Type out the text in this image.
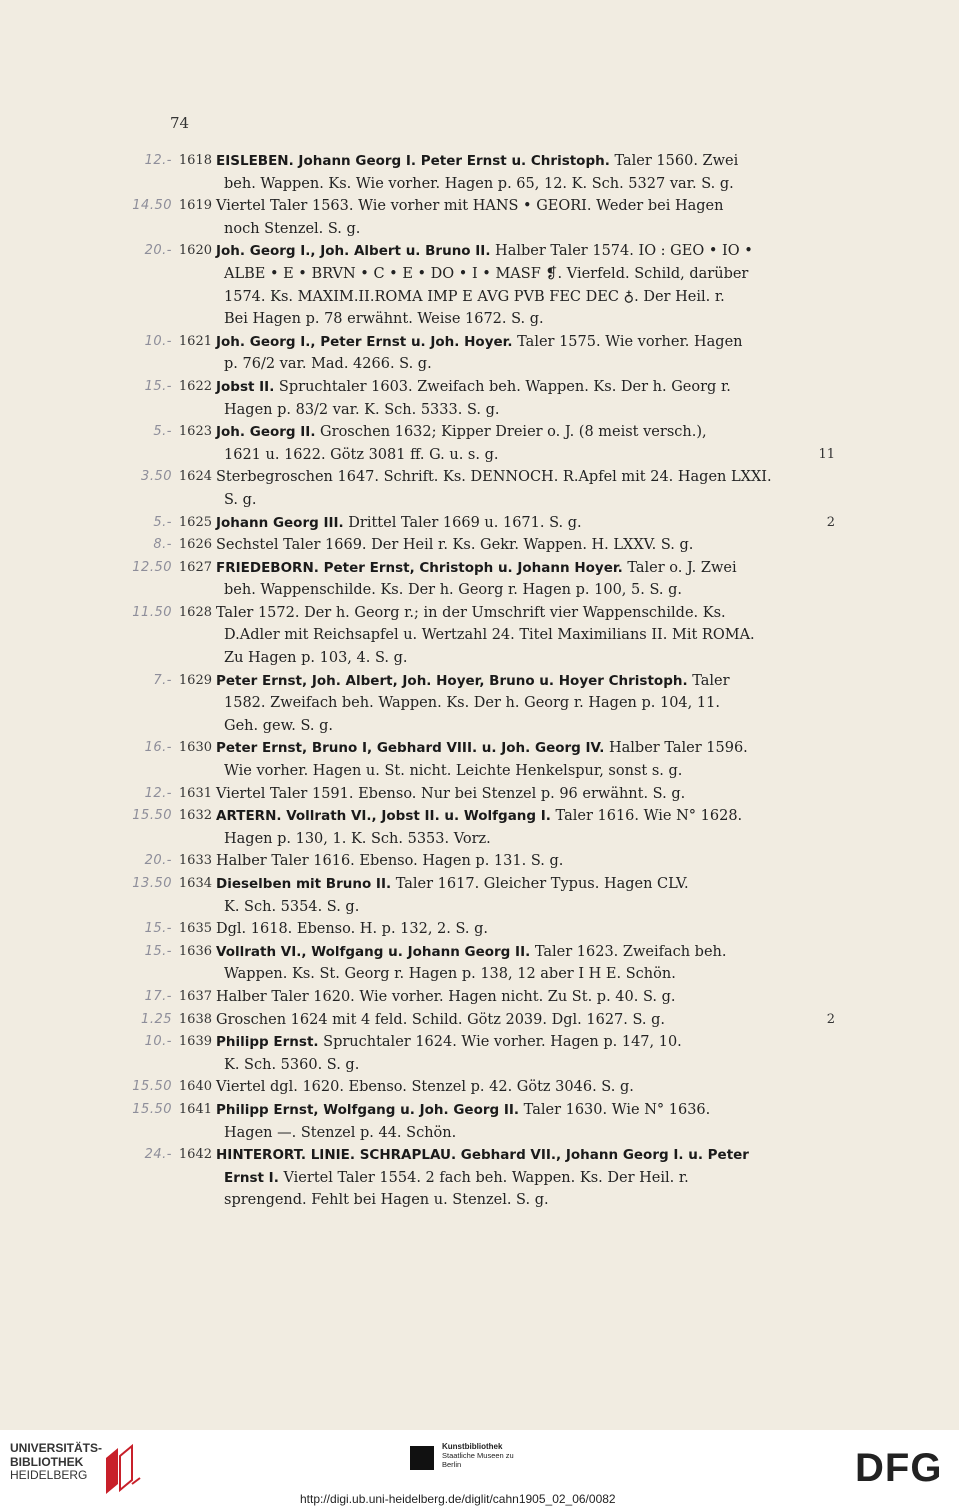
74
12.- 1618 EISLEBEN. Johann Georg I. Peter Ernst u. Christoph. Taler 1560. Zwei
beh. Wappen. Ks. Wie vorher. Hagen p. 65, 12. K. Sch. 5327 var. S. g.
14.50 1619 Viertel Taler 1563. Wie vorher mit HANS • GEORI. Weder bei Hagen
noch Stenzel. S. g.
20.- 1620 Joh. Georg I., Joh. Albert u. Bruno II. Halber Taler 1574. IO : GEO • IO •
ALBE • E • BRVN • C • E • DO • I • MASF ❡. Vierfeld. Schild, darüber
1574. Ks. MAXIM.II.ROMA IMP E AVG PVB FEC DEC ♁. Der Heil. r.
Bei Hagen p. 78 erwähnt. Weise 1672. S. g.
10.- 1621 Joh. Georg I., Peter Ernst u. Joh. Hoyer. Taler 1575. Wie vorher. Hagen
p. 76/2 var. Mad. 4266. S. g.
15.- 1622 Jobst II. Spruchtaler 1603. Zweifach beh. Wappen. Ks. Der h. Georg r.
Hagen p. 83/2 var. K. Sch. 5333. S. g.
5.- 1623 Joh. Georg II. Groschen 1632; Kipper Dreier o. J. (8 meist versch.),
1621 u. 1622. Götz 3081 ff. G. u. s. g.	11
3.50 1624 Sterbegroschen 1647. Schrift. Ks. DENNOCH. R.Apfel mit 24. Hagen LXXI.
S. g.
5.- 1625 Johann Georg III. Drittel Taler 1669 u. 1671. S. g.	2
8.- 1626 Sechstel Taler 1669. Der Heil r. Ks. Gekr. Wappen. H. LXXV. S. g.
12.50 1627 FRIEDEBORN. Peter Ernst, Christoph u. Johann Hoyer. Taler o. J. Zwei
beh. Wappenschilde. Ks. Der h. Georg r. Hagen p. 100, 5. S. g.
11.50 1628 Taler 1572. Der h. Georg r.; in der Umschrift vier Wappenschilde. Ks.
D.Adler mit Reichsapfel u. Wertzahl 24. Titel Maximilians II. Mit ROMA.
Zu Hagen p. 103, 4. S. g.
7.- 1629 Peter Ernst, Joh. Albert, Joh. Hoyer, Bruno u. Hoyer Christoph. Taler
1582. Zweifach beh. Wappen. Ks. Der h. Georg r. Hagen p. 104, 11.
Geh. gew. S. g.
16.- 1630 Peter Ernst, Bruno I, Gebhard VIII. u. Joh. Georg IV. Halber Taler 1596.
Wie vorher. Hagen u. St. nicht. Leichte Henkelspur, sonst s. g.
12.- 1631 Viertel Taler 1591. Ebenso. Nur bei Stenzel p. 96 erwähnt. S. g.
15.50 1632 ARTERN. Vollrath VI., Jobst II. u. Wolfgang I. Taler 1616. Wie N° 1628.
Hagen p. 130, 1. K. Sch. 5353. Vorz.
20.- 1633 Halber Taler 1616. Ebenso. Hagen p. 131. S. g.
13.50 1634 Dieselben mit Bruno II. Taler 1617. Gleicher Typus. Hagen CLV.
K. Sch. 5354. S. g.
15.- 1635 Dgl. 1618. Ebenso. H. p. 132, 2. S. g.
15.- 1636 Vollrath VI., Wolfgang u. Johann Georg II. Taler 1623. Zweifach beh.
Wappen. Ks. St. Georg r. Hagen p. 138, 12 aber I H E. Schön.
17.- 1637 Halber Taler 1620. Wie vorher. Hagen nicht. Zu St. p. 40. S. g.
1.25 1638 Groschen 1624 mit 4 feld. Schild. Götz 2039. Dgl. 1627. S. g.	2
10.- 1639 Philipp Ernst. Spruchtaler 1624. Wie vorher. Hagen p. 147, 10.
K. Sch. 5360. S. g.
15.50 1640 Viertel dgl. 1620. Ebenso. Stenzel p. 42. Götz 3046. S. g.
15.50 1641 Philipp Ernst, Wolfgang u. Joh. Georg II. Taler 1630. Wie N° 1636.
Hagen —. Stenzel p. 44. Schön.
24.- 1642 HINTERORT. LINIE. SCHRAPLAU. Gebhard VII., Johann Georg I. u. Peter
Ernst I. Viertel Taler 1554. 2 fach beh. Wappen. Ks. Der Heil. r.
sprengend. Fehlt bei Hagen u. Stenzel. S. g.
UNIVERSITÄTS-
BIBLIOTHEK
HEIDELBERG
Kunstbibliothek
Staatliche Museen zu Berlin	DFG
http://digi.ub.uni-heidelberg.de/diglit/cahn1905_02_06/0082
